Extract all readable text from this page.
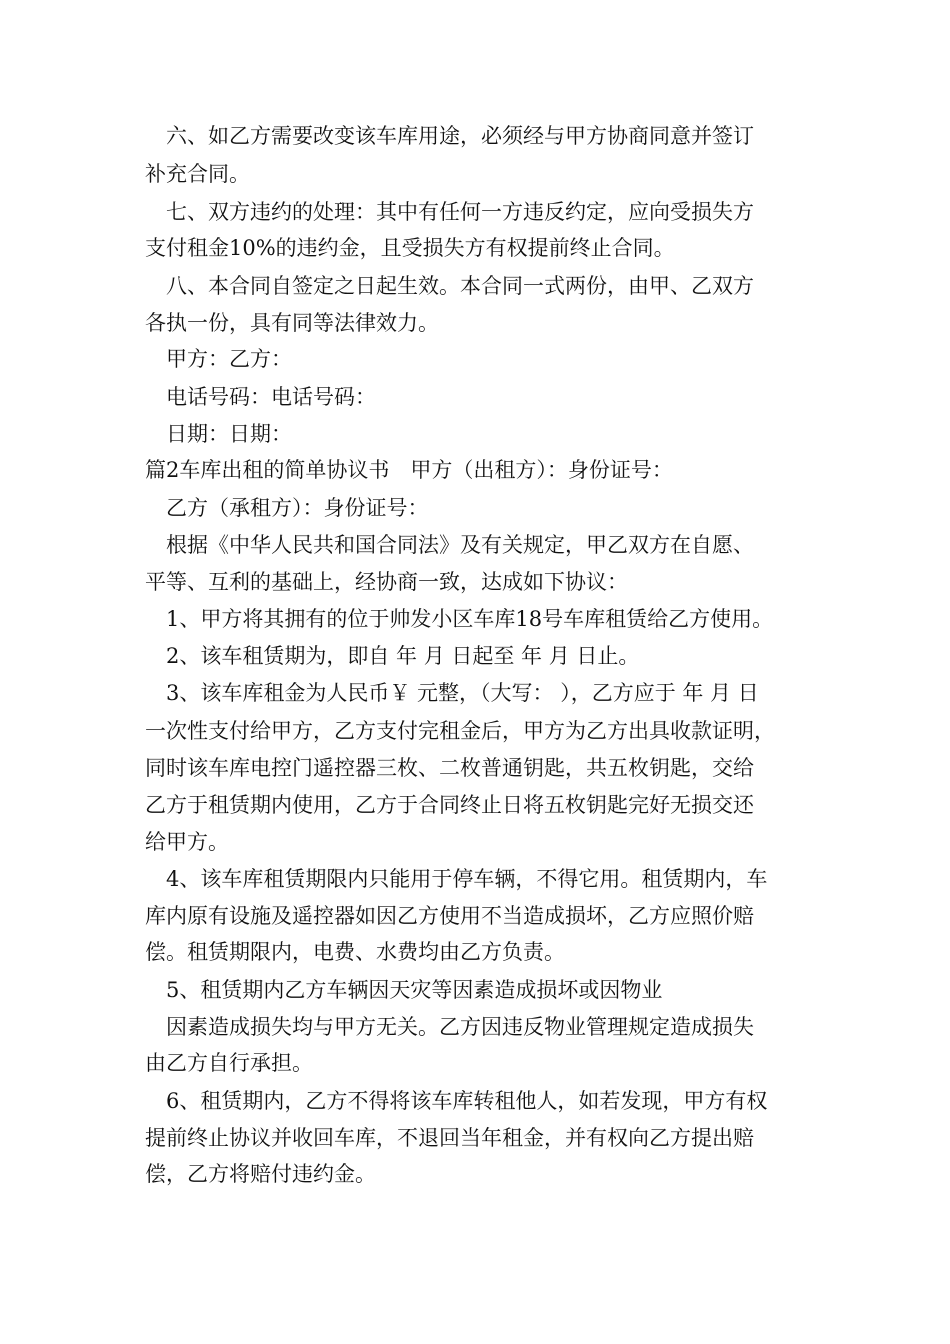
　六、如乙方需要改变该车库用途，必须经与甲方协商同意并签订
补充合同。
　七、双方违约的处理：其中有任何一方违反约定，应向受损失方
支付租金10%的违约金，且受损失方有权提前终止合同。
　八、本合同自签定之日起生效。本合同一式两份，由甲、乙双方
各执一份，具有同等法律效力。
　甲方：乙方：
　电话号码：电话号码：
　日期：日期：
篇2车库出租的简单协议书　甲方（出租方）：身份证号：
　乙方（承租方）：身份证号：
　根据《中华人民共和国合同法》及有关规定，甲乙双方在自愿、
平等、互利的基础上，经协商一致，达成如下协议：
　1、甲方将其拥有的位于帅发小区车库18号车库租赁给乙方使用。
　2、该车租赁期为，即自 年 月 日起至 年 月 日止。
　3、该车库租金为人民币￥ 元整，（大写： ），乙方应于 年 月 日
一次性支付给甲方，乙方支付完租金后，甲方为乙方出具收款证明，
同时该车库电控门遥控器三枚、二枚普通钥匙，共五枚钥匙，交给
乙方于租赁期内使用，乙方于合同终止日将五枚钥匙完好无损交还
给甲方。
　4、该车库租赁期限内只能用于停车辆，不得它用。租赁期内，车
库内原有设施及遥控器如因乙方使用不当造成损坏，乙方应照价赔
偿。租赁期限内，电费、水费均由乙方负责。
　5、租赁期内乙方车辆因天灾等因素造成损坏或因物业
　因素造成损失均与甲方无关。乙方因违反物业管理规定造成损失
由乙方自行承担。
　6、租赁期内，乙方不得将该车库转租他人，如若发现，甲方有权
提前终止协议并收回车库，不退回当年租金，并有权向乙方提出赔
偿，乙方将赔付违约金。
